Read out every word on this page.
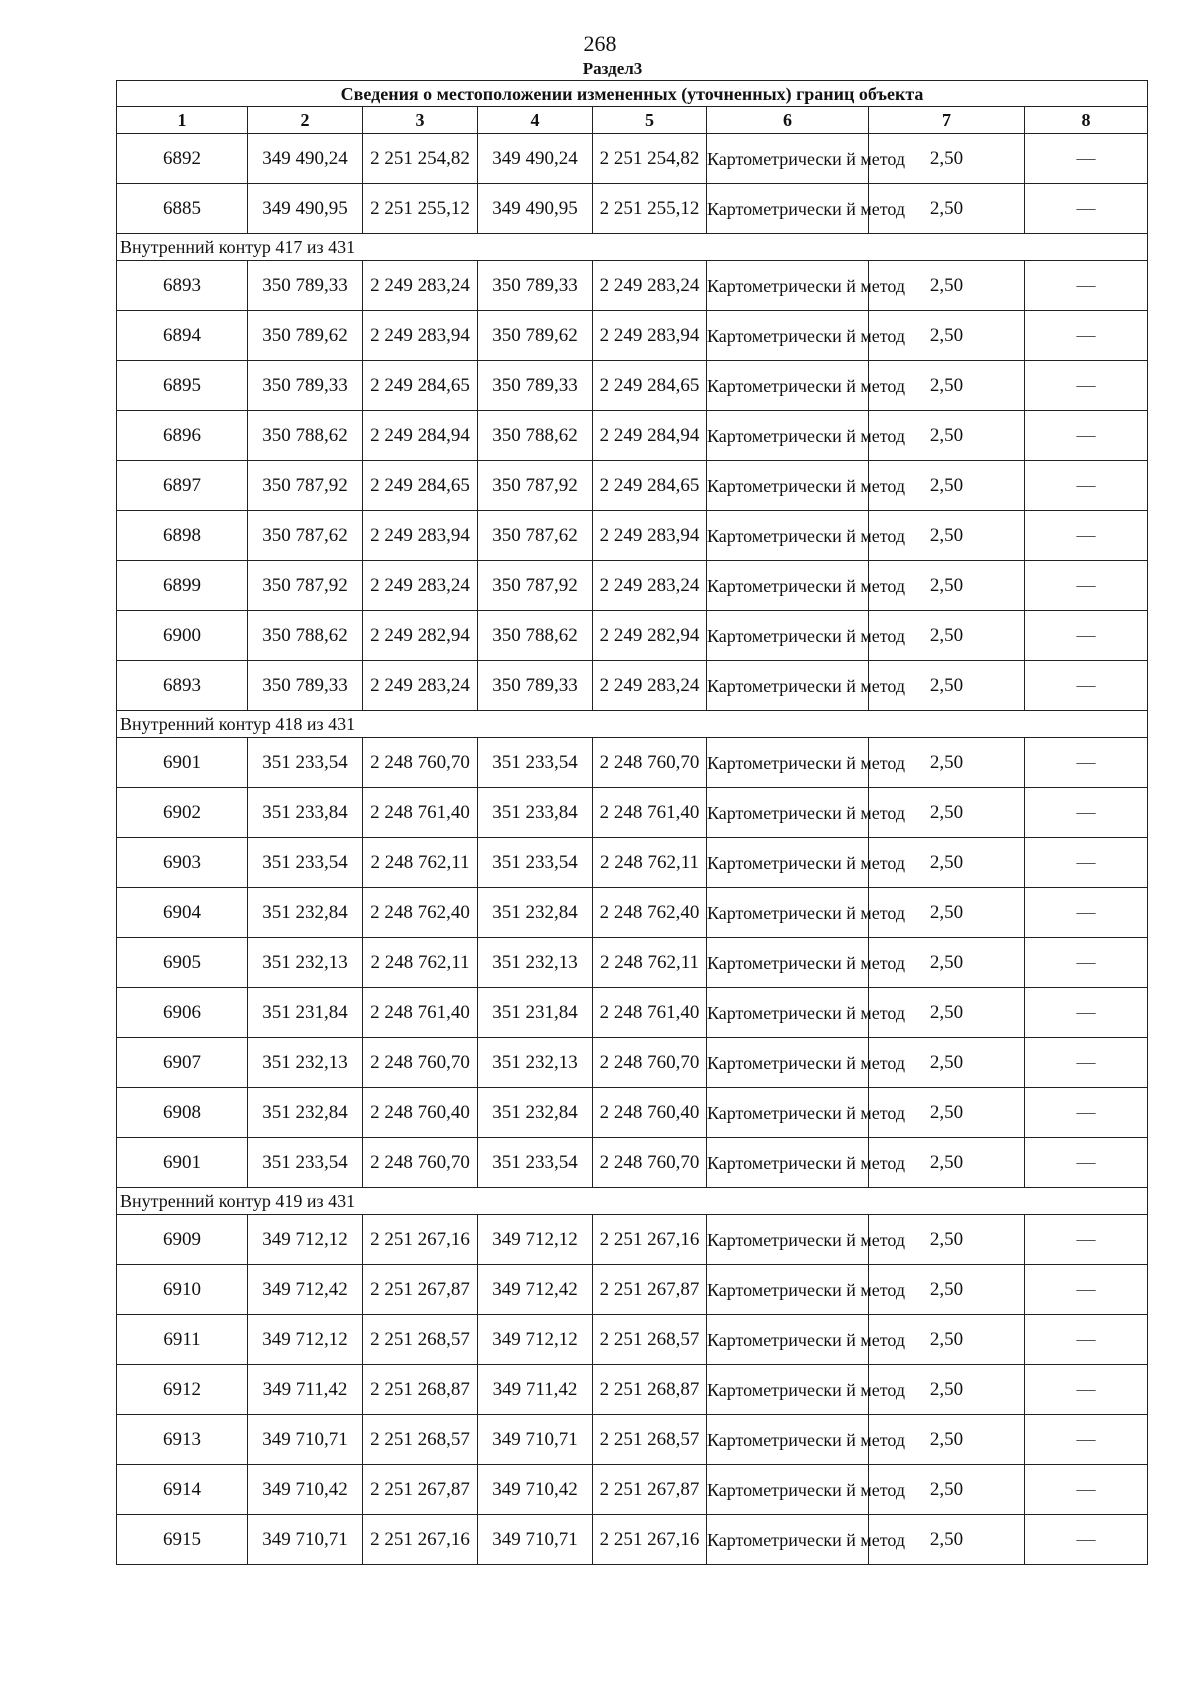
268
Раздел3
Сведения о местоположении измененных (уточненных) границ объекта							
1	2	3	4	5	6	7	8
6892	349 490,24	2 251 254,82	349 490,24	2 251 254,82	Картометрически й метод	2,50	—
6885	349 490,95	2 251 255,12	349 490,95	2 251 255,12	Картометрически й метод	2,50	—
Внутренний контур 417 из 431							
6893	350 789,33	2 249 283,24	350 789,33	2 249 283,24	Картометрически й метод	2,50	—
6894	350 789,62	2 249 283,94	350 789,62	2 249 283,94	Картометрически й метод	2,50	—
6895	350 789,33	2 249 284,65	350 789,33	2 249 284,65	Картометрически й метод	2,50	—
6896	350 788,62	2 249 284,94	350 788,62	2 249 284,94	Картометрически й метод	2,50	—
6897	350 787,92	2 249 284,65	350 787,92	2 249 284,65	Картометрически й метод	2,50	—
6898	350 787,62	2 249 283,94	350 787,62	2 249 283,94	Картометрически й метод	2,50	—
6899	350 787,92	2 249 283,24	350 787,92	2 249 283,24	Картометрически й метод	2,50	—
6900	350 788,62	2 249 282,94	350 788,62	2 249 282,94	Картометрически й метод	2,50	—
6893	350 789,33	2 249 283,24	350 789,33	2 249 283,24	Картометрически й метод	2,50	—
Внутренний контур 418 из 431							
6901	351 233,54	2 248 760,70	351 233,54	2 248 760,70	Картометрически й метод	2,50	—
6902	351 233,84	2 248 761,40	351 233,84	2 248 761,40	Картометрически й метод	2,50	—
6903	351 233,54	2 248 762,11	351 233,54	2 248 762,11	Картометрически й метод	2,50	—
6904	351 232,84	2 248 762,40	351 232,84	2 248 762,40	Картометрически й метод	2,50	—
6905	351 232,13	2 248 762,11	351 232,13	2 248 762,11	Картометрически й метод	2,50	—
6906	351 231,84	2 248 761,40	351 231,84	2 248 761,40	Картометрически й метод	2,50	—
6907	351 232,13	2 248 760,70	351 232,13	2 248 760,70	Картометрически й метод	2,50	—
6908	351 232,84	2 248 760,40	351 232,84	2 248 760,40	Картометрически й метод	2,50	—
6901	351 233,54	2 248 760,70	351 233,54	2 248 760,70	Картометрически й метод	2,50	—
Внутренний контур 419 из 431							
6909	349 712,12	2 251 267,16	349 712,12	2 251 267,16	Картометрически й метод	2,50	—
6910	349 712,42	2 251 267,87	349 712,42	2 251 267,87	Картометрически й метод	2,50	—
6911	349 712,12	2 251 268,57	349 712,12	2 251 268,57	Картометрически й метод	2,50	—
6912	349 711,42	2 251 268,87	349 711,42	2 251 268,87	Картометрически й метод	2,50	—
6913	349 710,71	2 251 268,57	349 710,71	2 251 268,57	Картометрически й метод	2,50	—
6914	349 710,42	2 251 267,87	349 710,42	2 251 267,87	Картометрически й метод	2,50	—
6915	349 710,71	2 251 267,16	349 710,71	2 251 267,16	Картометрически й метод	2,50	—
